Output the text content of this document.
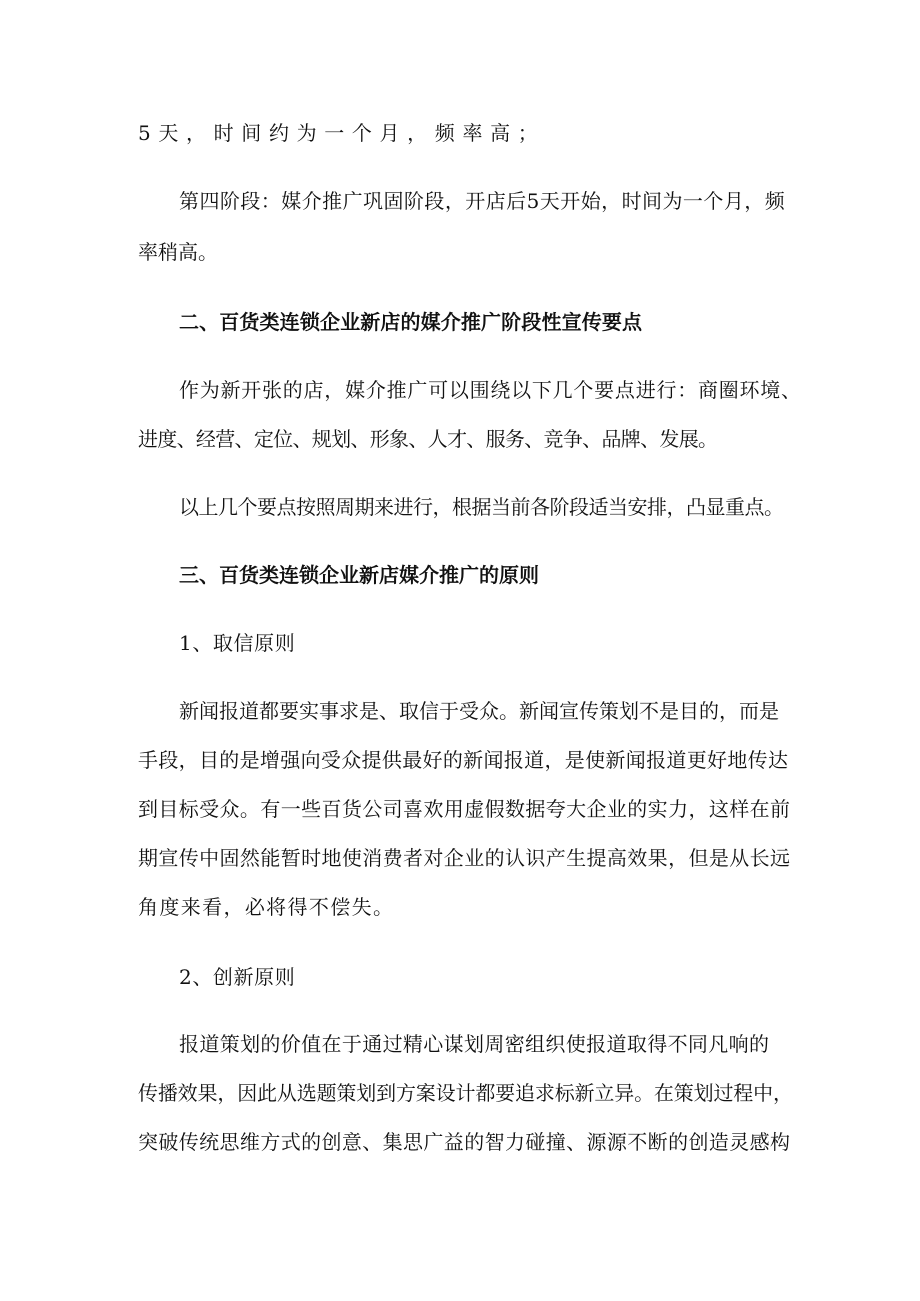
5天，时间约为一个月，频率高；
第四阶段：媒介推广巩固阶段，开店后5天开始，时间为一个月，频
率稍高。
二、百货类连锁企业新店的媒介推广阶段性宣传要点
作为新开张的店，媒介推广可以围绕以下几个要点进行：商圈环境、
进度、经营、定位、规划、形象、人才、服务、竞争、品牌、发展。
以上几个要点按照周期来进行，根据当前各阶段适当安排，凸显重点。
三、百货类连锁企业新店媒介推广的原则
1、取信原则
新闻报道都要实事求是、取信于受众。新闻宣传策划不是目的，而是
手段，目的是增强向受众提供最好的新闻报道，是使新闻报道更好地传达
到目标受众。有一些百货公司喜欢用虚假数据夸大企业的实力，这样在前
期宣传中固然能暂时地使消费者对企业的认识产生提高效果，但是从长远
角度来看，必将得不偿失。
2、创新原则
报道策划的价值在于通过精心谋划周密组织使报道取得不同凡响的
传播效果，因此从选题策划到方案设计都要追求标新立异。在策划过程中，
突破传统思维方式的创意、集思广益的智力碰撞、源源不断的创造灵感构
